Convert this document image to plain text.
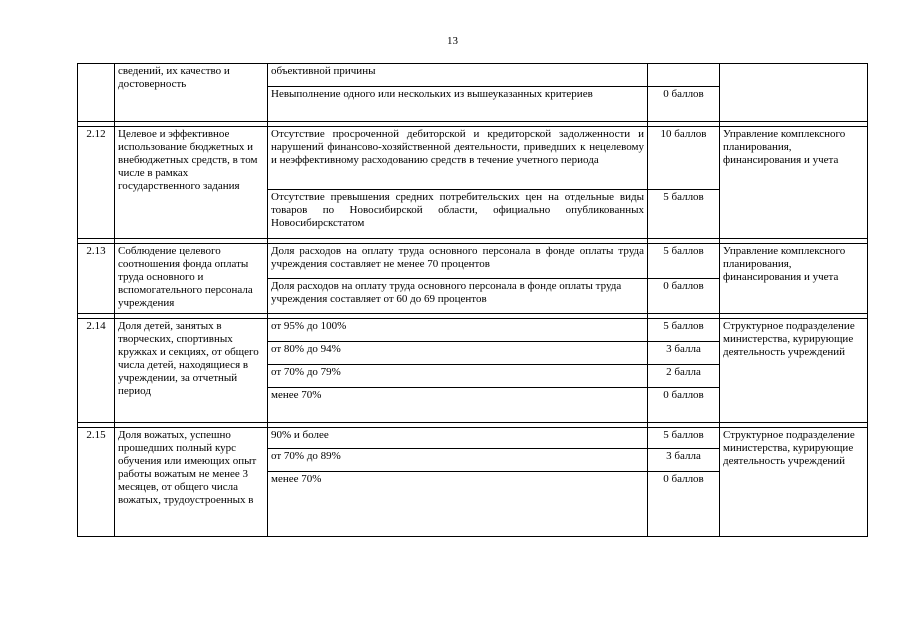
13
	сведений, их качество и достоверность	объективной причины		
		Невыполнение одного или нескольких из вышеуказанных критериев	0 баллов	

2.12	Целевое и эффективное использование бюджетных и внебюджетных средств, в том числе в рамках государственного задания	Отсутствие просроченной дебиторской и кредиторской задолженности и нарушений финансово-хозяйственной деятельности, приведших к нецелевому и неэффективному расходованию средств в течение учетного периода	10 баллов	Управление комплексного планирования, финансирования и учета
		Отсутствие превышения средних потребительских цен на отдельные виды товаров по Новосибирской области, официально опубликованных Новосибирскстатом	5 баллов	

2.13	Соблюдение целевого соотношения фонда оплаты труда основного и вспомогательного персонала учреждения	Доля расходов на оплату труда основного персонала в фонде оплаты труда учреждения составляет не менее 70 процентов	5 баллов	Управление комплексного планирования, финансирования и учета
		Доля расходов на оплату труда основного персонала в фонде оплаты труда учреждения составляет от 60 до 69 процентов	0 баллов	

2.14	Доля детей, занятых в творческих, спортивных кружках и секциях, от общего числа детей, находящиеся в учреждении, за отчетный период	от 95% до 100%	5 баллов	Структурное подразделение министерства, курирующие деятельность учреждений
		от 80% до 94%	3 балла	
		от 70% до 79%	2 балла	
		менее 70%	0 баллов	

2.15	Доля вожатых, успешно прошедших полный курс обучения или имеющих опыт работы вожатым не менее 3 месяцев, от общего числа вожатых, трудоустроенных в	90% и более	5 баллов	Структурное подразделение министерства, курирующие деятельность учреждений
		от 70% до 89%	3 балла	
		менее 70%	0 баллов	
